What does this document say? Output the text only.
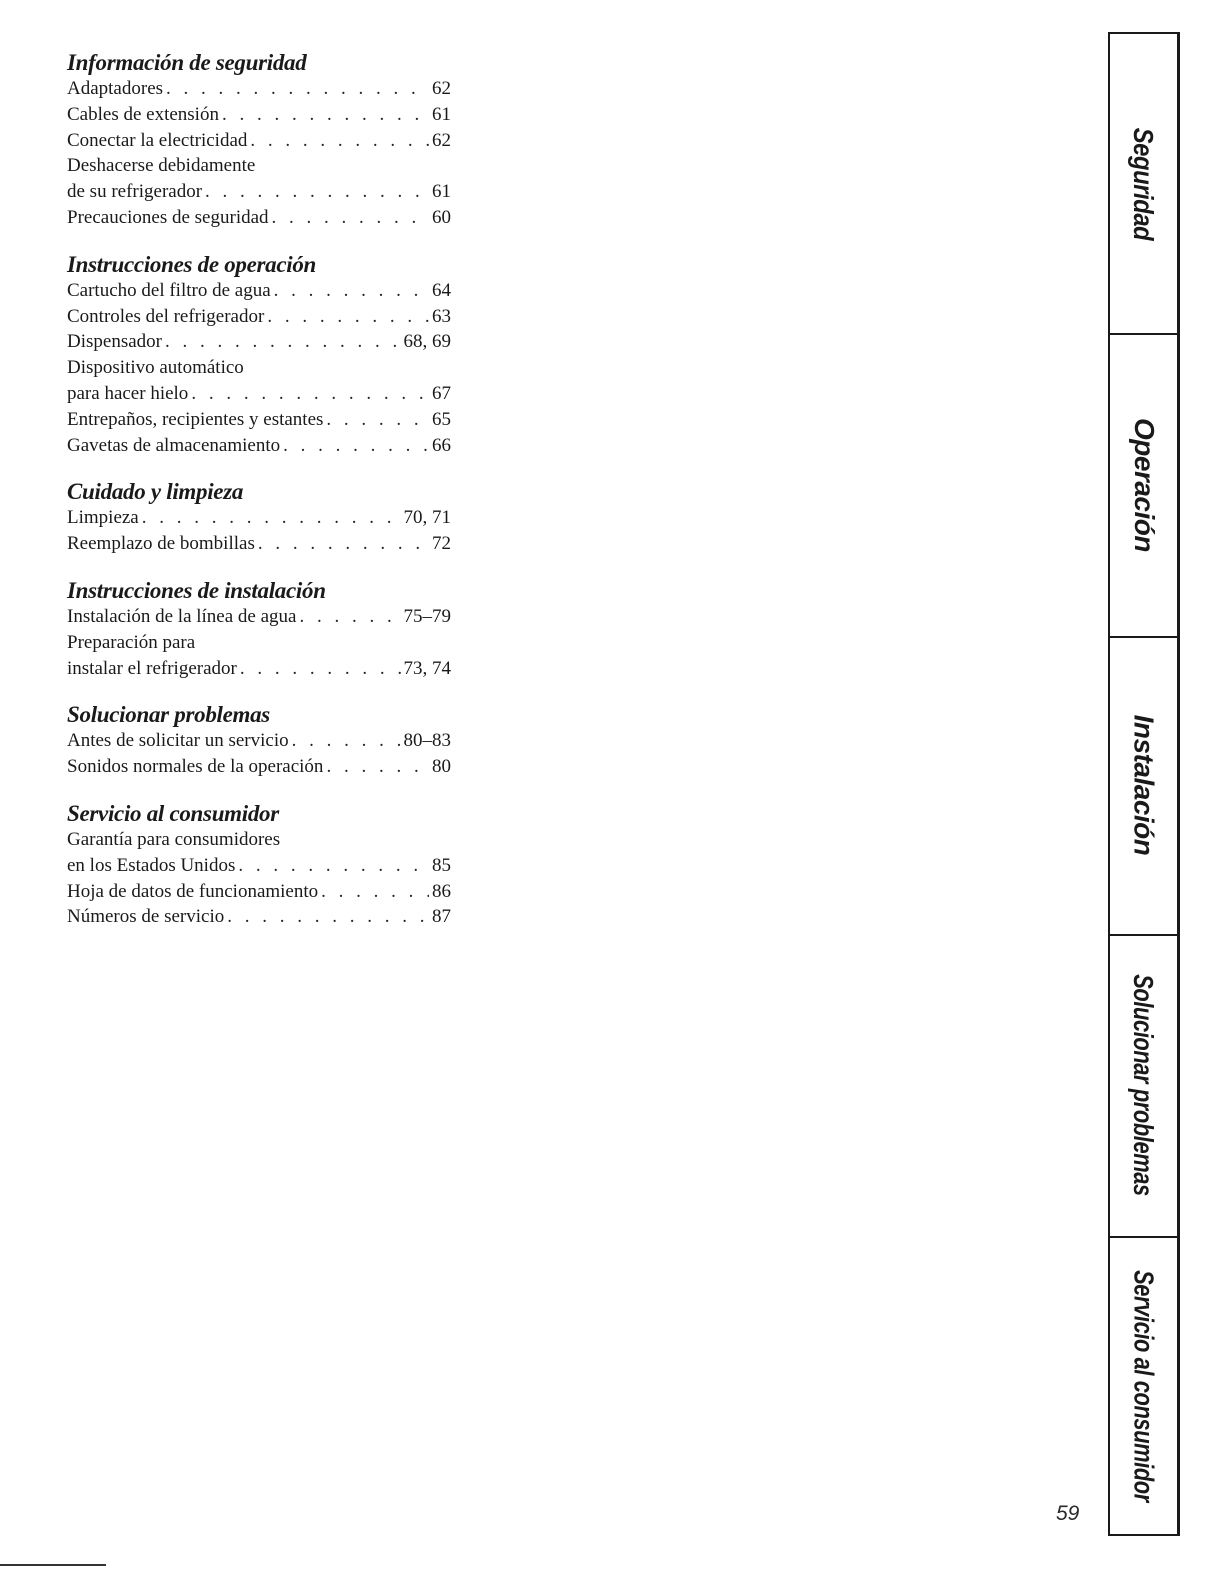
Información de seguridad
Adaptadores . . .	62
Cables de extensión . . .	61
Conectar la electricidad . . .	62
Deshacerse debidamente
de su refrigerador . . .	61
Precauciones de seguridad . . .	60
Instrucciones de operación
Cartucho del filtro de agua . . .	64
Controles del refrigerador . . .	63
Dispensador . . .	68, 69
Dispositivo automático
para hacer hielo . . .	67
Entrepaños, recipientes y estantes . . .	65
Gavetas de almacenamiento . . .	66
Cuidado y limpieza
Limpieza . . .	70, 71
Reemplazo de bombillas . . .	72
Instrucciones de instalación
Instalación de la línea de agua . . .	75–79
Preparación para
instalar el refrigerador . . .	73, 74
Solucionar problemas
Antes de solicitar un servicio . . .	80–83
Sonidos normales de la operación . . .	80
Servicio al consumidor
Garantía para consumidores
en los Estados Unidos . . .	85
Hoja de datos de funcionamiento . . .	86
Números de servicio . . .	87
Seguridad
Operación
Instalación
Solucionar problemas
Servicio al consumidor
59
